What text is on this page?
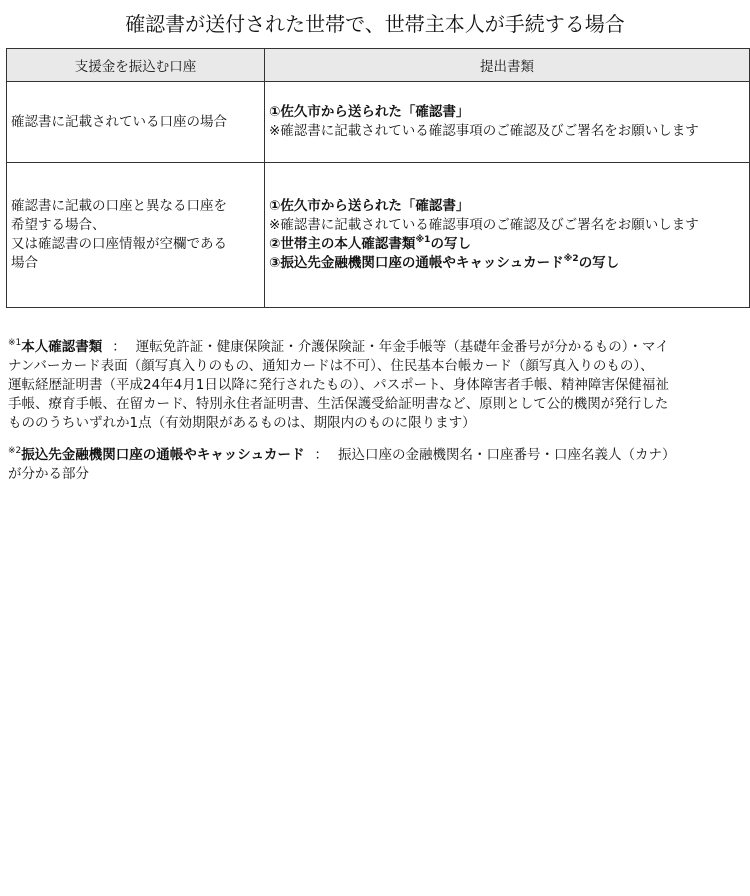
確認書が送付された世帯で、世帯主本人が手続する場合
支援金を振込む口座	提出書類
確認書に記載されている口座の場合	①佐久市から送られた「確認書」
※確認書に記載されている確認事項のご確認及びご署名をお願いします

確認書に記載の口座と異なる口座を
希望する場合、
又は確認書の口座情報が空欄である
場合	①佐久市から送られた「確認書」
※確認書に記載されている確認事項のご確認及びご署名をお願いします
②世帯主の本人確認書類$^{※1}$の写し
③振込先金融機関口座の通帳やキャッシュカード$^{※2}$の写し
$^{※1}$本人確認書類 ： 運転免許証・健康保険証・介護保険証・年金手帳等（基礎年金番号が分かるもの）・マイ
ナンバーカード表面（顔写真入りのもの、通知カードは不可）、住民基本台帳カード（顔写真入りのもの）、
運転経歴証明書（平成24年4月1日以降に発行されたもの）、パスポート、身体障害者手帳、精神障害保健福祉
手帳、療育手帳、在留カード、特別永住者証明書、生活保護受給証明書など、原則として公的機関が発行した
もののうちいずれか1点（有効期限があるものは、期限内のものに限ります）
$^{※2}$振込先金融機関口座の通帳やキャッシュカード ： 振込口座の金融機関名・口座番号・口座名義人（カナ）
が分かる部分
